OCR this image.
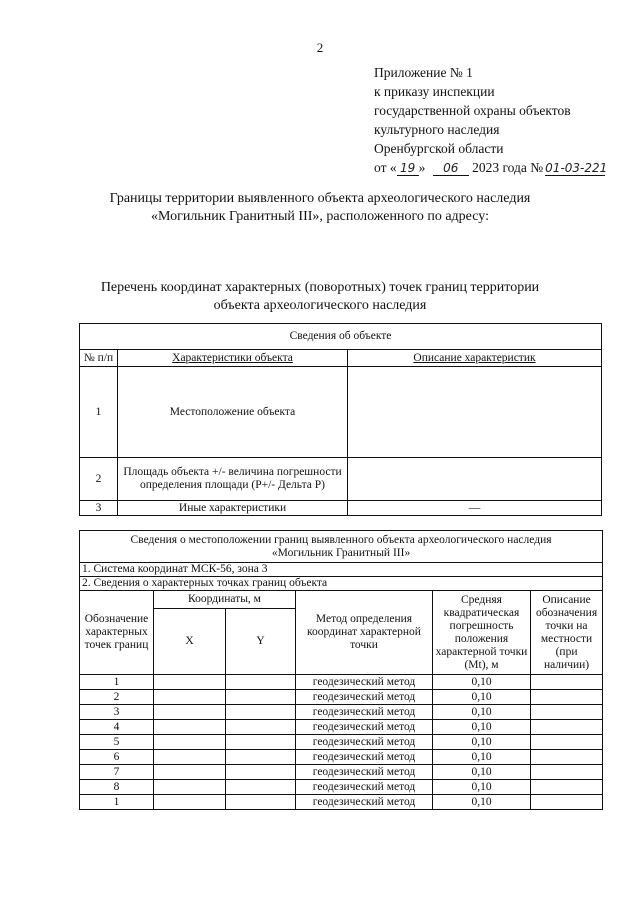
2
Приложение № 1
к приказу инспекции
государственной охраны объектов
культурного наследия
Оренбургской области
от « 19 » 06 2023 года № 01-03-221
Границы территории выявленного объекта археологического наследия
«Могильник Гранитный III», расположенного по адресу:
Перечень координат характерных (поворотных) точек границ территории
объекта археологического наследия
Сведения об объекте		
№ п/п	Характеристики объекта	Описание характеристик
1	Местоположение объекта	
2	Площадь объекта +/- величина погрешности определения площади (Р+/- Дельта Р)	
3	Иные характеристики	—
Сведения о местоположении границ выявленного объекта археологического наследия
«Могильник Гранитный III»					

1. Система координат МСК-56, зона 3					
2. Сведения о характерных точках границ объекта					
Обозначение характерных точек границ	Координаты, м		Метод определения координат характерной точки	Средняя квадратическая погрешность положения характерной точки (Mt), м	Описание обозначения точки на местности (при наличии)
	X	Y			
1			геодезический метод	0,10	
2			геодезический метод	0,10	
3			геодезический метод	0,10	
4			геодезический метод	0,10	
5			геодезический метод	0,10	
6			геодезический метод	0,10	
7			геодезический метод	0,10	
8			геодезический метод	0,10	
1			геодезический метод	0,10	
